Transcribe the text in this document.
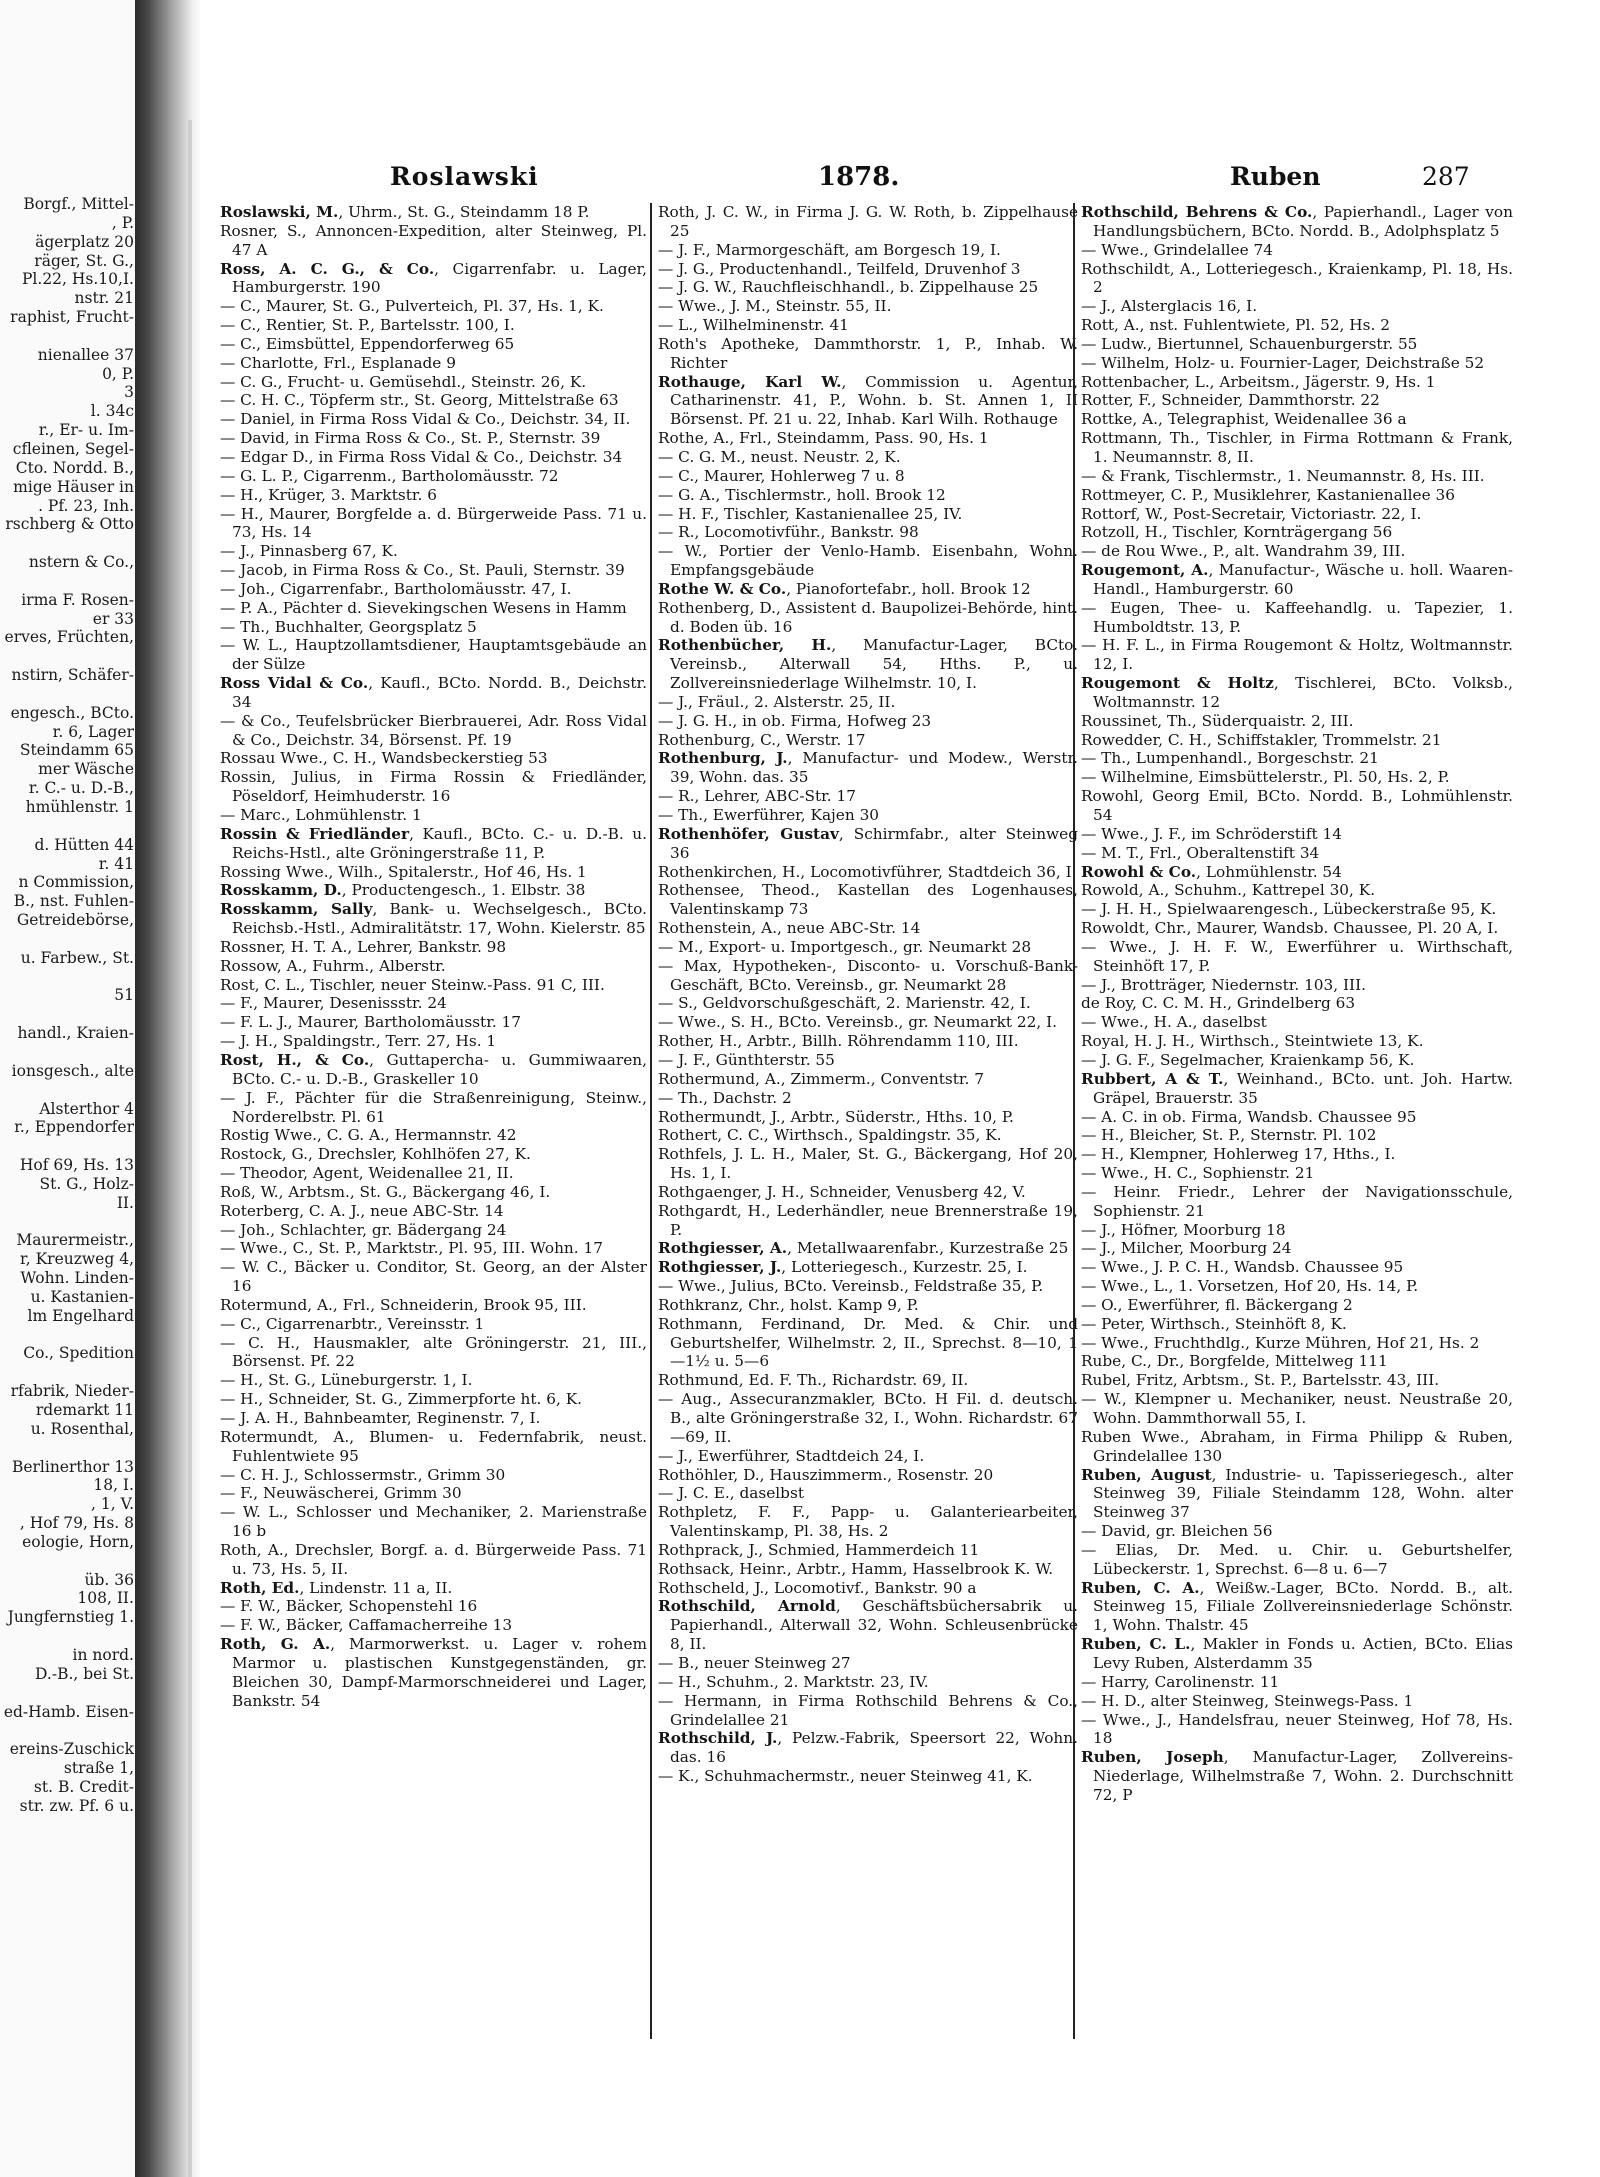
Borgf., Mittel-
, P.
ägerplatz 20
räger, St. G.,
Pl.22, Hs.10,I.
nstr. 21
raphist, Frucht-

nienallee 37
0, P.
3
l. 34c
r., Er- u. Im-
cfleinen, Segel-
Cto. Nordd. B.,
mige Häuser in
. Pf. 23, Inh.
rschberg & Otto

nstern & Co.,

irma F. Rosen-
er 33
erves, Früchten,

nstirn, Schäfer-

engesch., BCto.
r. 6, Lager
Steindamm 65
mer Wäsche
r. C.- u. D.-B.,
hmühlenstr. 1

d. Hütten 44
r. 41
n Commission,
B., nst. Fuhlen-
Getreidebörse,

u. Farbew., St.

51

handl., Kraien-

ionsgesch., alte

Alsterthor 4
r., Eppendorfer

Hof 69, Hs. 13
St. G., Holz-
II.

Maurermeistr.,
r, Kreuzweg 4,
Wohn. Linden-
u. Kastanien-
lm Engelhard

Co., Spedition

rfabrik, Nieder-
rdemarkt 11
u. Rosenthal,

Berlinerthor 13
18, I.
, 1, V.
, Hof 79, Hs. 8
eologie, Horn,

üb. 36
108, II.
Jungfernstieg 1.

in nord.
D.-B., bei St.

ed-Hamb. Eisen-

ereins-Zuschick
straße 1,
st. B. Credit-
str. zw. Pf. 6 u.
Roslawski	1878.	Ruben	287
Roslawski, M., Uhrm., St. G., Steindamm 18 P.
Rosner, S., Annoncen-Expedition, alter Steinweg, Pl. 47 A
Ross, A. C. G., & Co., Cigarrenfabr. u. Lager, Hamburgerstr. 190
— C., Maurer, St. G., Pulverteich, Pl. 37, Hs. 1, K.
— C., Rentier, St. P., Bartelsstr. 100, I.
— C., Eimsbüttel, Eppendorferweg 65
— Charlotte, Frl., Esplanade 9
— C. G., Frucht- u. Gemüsehdl., Steinstr. 26, K.
— C. H. C., Töpferm str., St. Georg, Mittelstraße 63
— Daniel, in Firma Ross Vidal & Co., Deichstr. 34, II.
— David, in Firma Ross & Co., St. P., Sternstr. 39
— Edgar D., in Firma Ross Vidal & Co., Deichstr. 34
— G. L. P., Cigarrenm., Bartholomäusstr. 72
— H., Krüger, 3. Marktstr. 6
— H., Maurer, Borgfelde a. d. Bürgerweide Pass. 71 u. 73, Hs. 14
— J., Pinnasberg 67, K.
— Jacob, in Firma Ross & Co., St. Pauli, Sternstr. 39
— Joh., Cigarrenfabr., Bartholomäusstr. 47, I.
— P. A., Pächter d. Sievekingschen Wesens in Hamm
— Th., Buchhalter, Georgsplatz 5
— W. L., Hauptzollamtsdiener, Hauptamtsgebäude an der Sülze
Ross Vidal & Co., Kaufl., BCto. Nordd. B., Deichstr. 34
— & Co., Teufelsbrücker Bierbrauerei, Adr. Ross Vidal & Co., Deichstr. 34, Börsenst. Pf. 19
Rossau Wwe., C. H., Wandsbeckerstieg 53
Rossin, Julius, in Firma Rossin & Friedländer, Pöseldorf, Heimhuderstr. 16
— Marc., Lohmühlenstr. 1
Rossin & Friedländer, Kaufl., BCto. C.- u. D.-B. u. Reichs-Hstl., alte Gröningerstraße 11, P.
Rossing Wwe., Wilh., Spitalerstr., Hof 46, Hs. 1
Rosskamm, D., Productengesch., 1. Elbstr. 38
Rosskamm, Sally, Bank- u. Wechselgesch., BCto. Reichsb.-Hstl., Admiralitätstr. 17, Wohn. Kielerstr. 85
Rossner, H. T. A., Lehrer, Bankstr. 98
Rossow, A., Fuhrm., Alberstr.
Rost, C. L., Tischler, neuer Steinw.-Pass. 91 C, III.
— F., Maurer, Desenissstr. 24
— F. L. J., Maurer, Bartholomäusstr. 17
— J. H., Spaldingstr., Terr. 27, Hs. 1
Rost, H., & Co., Guttapercha- u. Gummiwaaren, BCto. C.- u. D.-B., Graskeller 10
— J. F., Pächter für die Straßenreinigung, Steinw., Norderelbstr. Pl. 61
Rostig Wwe., C. G. A., Hermannstr. 42
Rostock, G., Drechsler, Kohlhöfen 27, K.
— Theodor, Agent, Weidenallee 21, II.
Roß, W., Arbtsm., St. G., Bäckergang 46, I.
Roterberg, C. A. J., neue ABC-Str. 14
— Joh., Schlachter, gr. Bädergang 24
— Wwe., C., St. P., Marktstr., Pl. 95, III. Wohn. 17
— W. C., Bäcker u. Conditor, St. Georg, an der Alster 16
Rotermund, A., Frl., Schneiderin, Brook 95, III.
— C., Cigarrenarbtr., Vereinsstr. 1
— C. H., Hausmakler, alte Gröningerstr. 21, III., Börsenst. Pf. 22
— H., St. G., Lüneburgerstr. 1, I.
— H., Schneider, St. G., Zimmerpforte ht. 6, K.
— J. A. H., Bahnbeamter, Reginenstr. 7, I.
Rotermundt, A., Blumen- u. Federnfabrik, neust. Fuhlentwiete 95
— C. H. J., Schlossermstr., Grimm 30
— F., Neuwäscherei, Grimm 30
— W. L., Schlosser und Mechaniker, 2. Marienstraße 16 b
Roth, A., Drechsler, Borgf. a. d. Bürgerweide Pass. 71 u. 73, Hs. 5, II.
Roth, Ed., Lindenstr. 11 a, II.
— F. W., Bäcker, Schopenstehl 16
— F. W., Bäcker, Caffamacherreihe 13
Roth, G. A., Marmorwerkst. u. Lager v. rohem Marmor u. plastischen Kunstgegenständen, gr. Bleichen 30, Dampf-Marmorschneiderei und Lager, Bankstr. 54
Roth, J. C. W., in Firma J. G. W. Roth, b. Zippelhause 25
— J. F., Marmorgeschäft, am Borgesch 19, I.
— J. G., Productenhandl., Teilfeld, Druvenhof 3
— J. G. W., Rauchfleischhandl., b. Zippelhause 25
— Wwe., J. M., Steinstr. 55, II.
— L., Wilhelminenstr. 41
Roth's Apotheke, Dammthorstr. 1, P., Inhab. W. Richter
Rothauge, Karl W., Commission u. Agentur, Catharinenstr. 41, P., Wohn. b. St. Annen 1, II Börsenst. Pf. 21 u. 22, Inhab. Karl Wilh. Rothauge
Rothe, A., Frl., Steindamm, Pass. 90, Hs. 1
— C. G. M., neust. Neustr. 2, K.
— C., Maurer, Hohlerweg 7 u. 8
— G. A., Tischlermstr., holl. Brook 12
— H. F., Tischler, Kastanienallee 25, IV.
— R., Locomotivführ., Bankstr. 98
— W., Portier der Venlo-Hamb. Eisenbahn, Wohn. Empfangsgebäude
Rothe W. & Co., Pianofortefabr., holl. Brook 12
Rothenberg, D., Assistent d. Baupolizei-Behörde, hint. d. Boden üb. 16
Rothenbücher, H., Manufactur-Lager, BCto. Vereinsb., Alterwall 54, Hths. P., u. Zollvereinsniederlage Wilhelmstr. 10, I.
— J., Fräul., 2. Alsterstr. 25, II.
— J. G. H., in ob. Firma, Hofweg 23
Rothenburg, C., Werstr. 17
Rothenburg, J., Manufactur- und Modew., Werstr. 39, Wohn. das. 35
— R., Lehrer, ABC-Str. 17
— Th., Ewerführer, Kajen 30
Rothenhöfer, Gustav, Schirmfabr., alter Steinweg 36
Rothenkirchen, H., Locomotivführer, Stadtdeich 36, I.
Rothensee, Theod., Kastellan des Logenhauses, Valentinskamp 73
Rothenstein, A., neue ABC-Str. 14
— M., Export- u. Importgesch., gr. Neumarkt 28
— Max, Hypotheken-, Disconto- u. Vorschuß-Bank-Geschäft, BCto. Vereinsb., gr. Neumarkt 28
— S., Geldvorschußgeschäft, 2. Marienstr. 42, I.
— Wwe., S. H., BCto. Vereinsb., gr. Neumarkt 22, I.
Rother, H., Arbtr., Billh. Röhrendamm 110, III.
— J. F., Günthterstr. 55
Rothermund, A., Zimmerm., Conventstr. 7
— Th., Dachstr. 2
Rothermundt, J., Arbtr., Süderstr., Hths. 10, P.
Rothert, C. C., Wirthsch., Spaldingstr. 35, K.
Rothfels, J. L. H., Maler, St. G., Bäckergang, Hof 20, Hs. 1, I.
Rothgaenger, J. H., Schneider, Venusberg 42, V.
Rothgardt, H., Lederhändler, neue Brennerstraße 19, P.
Rothgiesser, A., Metallwaarenfabr., Kurzestraße 25
Rothgiesser, J., Lotteriegesch., Kurzestr. 25, I.
— Wwe., Julius, BCto. Vereinsb., Feldstraße 35, P.
Rothkranz, Chr., holst. Kamp 9, P.
Rothmann, Ferdinand, Dr. Med. & Chir. und Geburtshelfer, Wilhelmstr. 2, II., Sprechst. 8—10, 1—1½ u. 5—6
Rothmund, Ed. F. Th., Richardstr. 69, II.
— Aug., Assecuranzmakler, BCto. H Fil. d. deutsch. B., alte Gröningerstraße 32, I., Wohn. Richardstr. 67—69, II.
— J., Ewerführer, Stadtdeich 24, I.
Rothöhler, D., Hauszimmerm., Rosenstr. 20
— J. C. E., daselbst
Rothpletz, F. F., Papp- u. Galanteriearbeiter, Valentinskamp, Pl. 38, Hs. 2
Rothprack, J., Schmied, Hammerdeich 11
Rothsack, Heinr., Arbtr., Hamm, Hasselbrook K. W.
Rothscheld, J., Locomotivf., Bankstr. 90 a
Rothschild, Arnold, Geschäftsbüchersabrik u. Papierhandl., Alterwall 32, Wohn. Schleusenbrücke 8, II.
— B., neuer Steinweg 27
— H., Schuhm., 2. Marktstr. 23, IV.
— Hermann, in Firma Rothschild Behrens & Co., Grindelallee 21
Rothschild, J., Pelzw.-Fabrik, Speersort 22, Wohn. das. 16
— K., Schuhmachermstr., neuer Steinweg 41, K.
Rothschild, Behrens & Co., Papierhandl., Lager von Handlungsbüchern, BCto. Nordd. B., Adolphsplatz 5
— Wwe., Grindelallee 74
Rothschildt, A., Lotteriegesch., Kraienkamp, Pl. 18, Hs. 2
— J., Alsterglacis 16, I.
Rott, A., nst. Fuhlentwiete, Pl. 52, Hs. 2
— Ludw., Biertunnel, Schauenburgerstr. 55
— Wilhelm, Holz- u. Fournier-Lager, Deichstraße 52
Rottenbacher, L., Arbeitsm., Jägerstr. 9, Hs. 1
Rotter, F., Schneider, Dammthorstr. 22
Rottke, A., Telegraphist, Weidenallee 36 a
Rottmann, Th., Tischler, in Firma Rottmann & Frank, 1. Neumannstr. 8, II.
— & Frank, Tischlermstr., 1. Neumannstr. 8, Hs. III.
Rottmeyer, C. P., Musiklehrer, Kastanienallee 36
Rottorf, W., Post-Secretair, Victoriastr. 22, I.
Rotzoll, H., Tischler, Kornträgergang 56
— de Rou Wwe., P., alt. Wandrahm 39, III.
Rougemont, A., Manufactur-, Wäsche u. holl. Waaren-Handl., Hamburgerstr. 60
— Eugen, Thee- u. Kaffeehandlg. u. Tapezier, 1. Humboldtstr. 13, P.
— H. F. L., in Firma Rougemont & Holtz, Woltmannstr. 12, I.
Rougemont & Holtz, Tischlerei, BCto. Volksb., Woltmannstr. 12
Roussinet, Th., Süderquaistr. 2, III.
Rowedder, C. H., Schiffstakler, Trommelstr. 21
— Th., Lumpenhandl., Borgeschstr. 21
— Wilhelmine, Eimsbüttelerstr., Pl. 50, Hs. 2, P.
Rowohl, Georg Emil, BCto. Nordd. B., Lohmühlenstr. 54
— Wwe., J. F., im Schröderstift 14
— M. T., Frl., Oberaltenstift 34
Rowohl & Co., Lohmühlenstr. 54
Rowold, A., Schuhm., Kattrepel 30, K.
— J. H. H., Spielwaarengesch., Lübeckerstraße 95, K.
Rowoldt, Chr., Maurer, Wandsb. Chaussee, Pl. 20 A, I.
— Wwe., J. H. F. W., Ewerführer u. Wirthschaft, Steinhöft 17, P.
— J., Brotträger, Niedernstr. 103, III.
de Roy, C. C. M. H., Grindelberg 63
— Wwe., H. A., daselbst
Royal, H. J. H., Wirthsch., Steintwiete 13, K.
— J. G. F., Segelmacher, Kraienkamp 56, K.
Rubbert, A & T., Weinhand., BCto. unt. Joh. Hartw. Gräpel, Brauerstr. 35
— A. C. in ob. Firma, Wandsb. Chaussee 95
— H., Bleicher, St. P., Sternstr. Pl. 102
— H., Klempner, Hohlerweg 17, Hths., I.
— Wwe., H. C., Sophienstr. 21
— Heinr. Friedr., Lehrer der Navigationsschule, Sophienstr. 21
— J., Höfner, Moorburg 18
— J., Milcher, Moorburg 24
— Wwe., J. P. C. H., Wandsb. Chaussee 95
— Wwe., L., 1. Vorsetzen, Hof 20, Hs. 14, P.
— O., Ewerführer, fl. Bäckergang 2
— Peter, Wirthsch., Steinhöft 8, K.
— Wwe., Fruchthdlg., Kurze Mühren, Hof 21, Hs. 2
Rube, C., Dr., Borgfelde, Mittelweg 111
Rubel, Fritz, Arbtsm., St. P., Bartelsstr. 43, III.
— W., Klempner u. Mechaniker, neust. Neustraße 20, Wohn. Dammthorwall 55, I.
Ruben Wwe., Abraham, in Firma Philipp & Ruben, Grindelallee 130
Ruben, August, Industrie- u. Tapisseriegesch., alter Steinweg 39, Filiale Steindamm 128, Wohn. alter Steinweg 37
— David, gr. Bleichen 56
— Elias, Dr. Med. u. Chir. u. Geburtshelfer, Lübeckerstr. 1, Sprechst. 6—8 u. 6—7
Ruben, C. A., Weißw.-Lager, BCto. Nordd. B., alt. Steinweg 15, Filiale Zollvereinsniederlage Schönstr. 1, Wohn. Thalstr. 45
Ruben, C. L., Makler in Fonds u. Actien, BCto. Elias Levy Ruben, Alsterdamm 35
— Harry, Carolinenstr. 11
— H. D., alter Steinweg, Steinwegs-Pass. 1
— Wwe., J., Handelsfrau, neuer Steinweg, Hof 78, Hs. 18
Ruben, Joseph, Manufactur-Lager, Zollvereins-Niederlage, Wilhelmstraße 7, Wohn. 2. Durchschnitt 72, P
